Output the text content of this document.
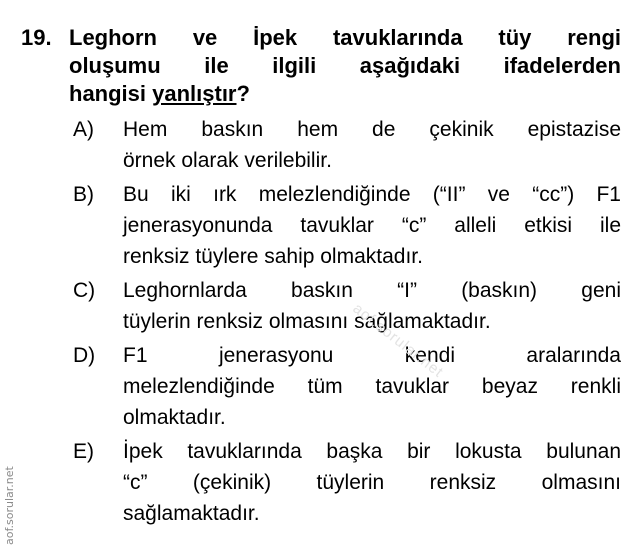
19. Leghorn ve İpek tavuklarında tüy rengi
oluşumu ile ilgili aşağıdaki ifadelerden
hangisi yanlıştır?
A)	Hem baskın hem de çekinik epistazise
örnek olarak verilebilir.
B)	Bu iki ırk melezlendiğinde (“II” ve “cc”) F1
jenerasyonunda tavuklar “c” alleli etkisi ile
renksiz tüylere sahip olmaktadır.
C)	Leghornlarda baskın “I” (baskın) geni
tüylerin renksiz olmasını sağlamaktadır.
D)	F1 jenerasyonu kendi aralarında
melezlendiğinde tüm tavuklar beyaz renkli
olmaktadır.
E)	İpek tavuklarında başka bir lokusta bulunan
“c” (çekinik) tüylerin renksiz olmasını
sağlamaktadır.
aof.sorular.net
aof.sorular.net
